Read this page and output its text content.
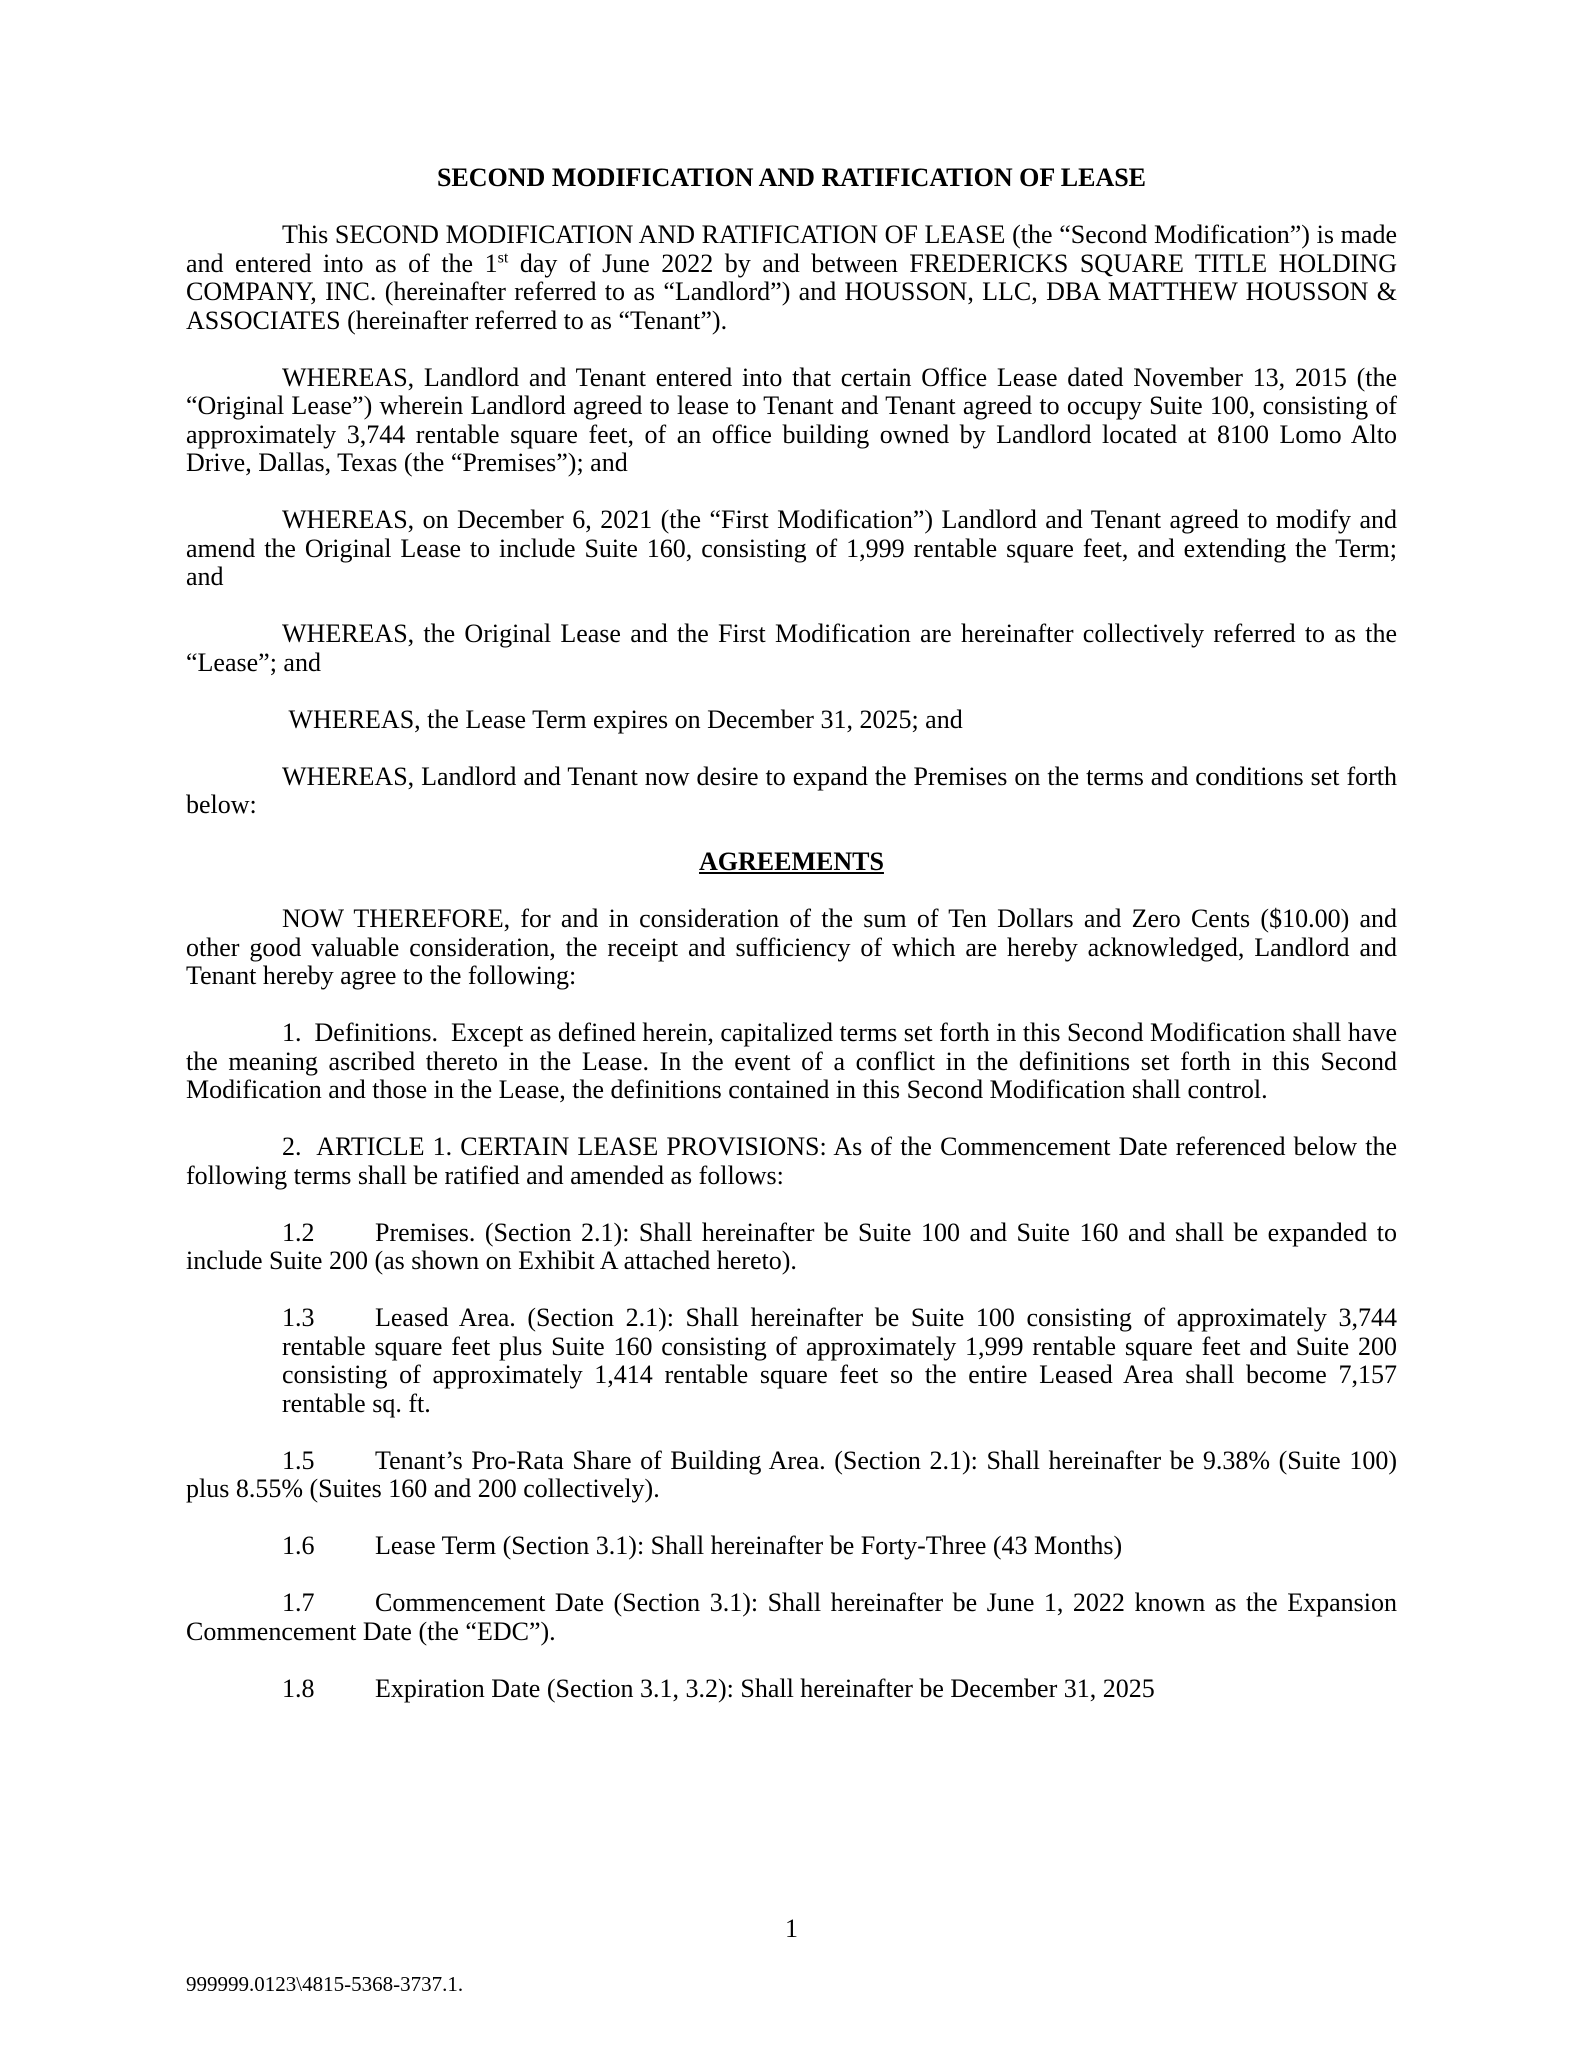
SECOND MODIFICATION AND RATIFICATION OF LEASE

This SECOND MODIFICATION AND RATIFICATION OF LEASE (the “Second Modification”) is made and entered into as of the 1st day of June 2022 by and between FREDERICKS SQUARE TITLE HOLDING COMPANY, INC. (hereinafter referred to as “Landlord”) and HOUSSON, LLC, DBA MATTHEW HOUSSON & ASSOCIATES (hereinafter referred to as “Tenant”).

WHEREAS, Landlord and Tenant entered into that certain Office Lease dated November 13, 2015 (the “Original Lease”) wherein Landlord agreed to lease to Tenant and Tenant agreed to occupy Suite 100, consisting of approximately 3,744 rentable square feet, of an office building owned by Landlord located at 8100 Lomo Alto Drive, Dallas, Texas (the “Premises”); and

WHEREAS, on December 6, 2021 (the “First Modification”) Landlord and Tenant agreed to modify and amend the Original Lease to include Suite 160, consisting of 1,999 rentable square feet, and extending the Term; and

WHEREAS, the Original Lease and the First Modification are hereinafter collectively referred to as the “Lease”; and

WHEREAS, the Lease Term expires on December 31, 2025; and

WHEREAS, Landlord and Tenant now desire to expand the Premises on the terms and conditions set forth below:

AGREEMENTS

NOW THEREFORE, for and in consideration of the sum of Ten Dollars and Zero Cents ($10.00) and other good valuable consideration, the receipt and sufficiency of which are hereby acknowledged, Landlord and Tenant hereby agree to the following:

1.  Definitions.  Except as defined herein, capitalized terms set forth in this Second Modification shall have the meaning ascribed thereto in the Lease. In the event of a conflict in the definitions set forth in this Second Modification and those in the Lease, the definitions contained in this Second Modification shall control.

2.  ARTICLE 1. CERTAIN LEASE PROVISIONS: As of the Commencement Date referenced below the following terms shall be ratified and amended as follows:

1.2 Premises. (Section 2.1): Shall hereinafter be Suite 100 and Suite 160 and shall be expanded to include Suite 200 (as shown on Exhibit A attached hereto).

1.3 Leased Area. (Section 2.1): Shall hereinafter be Suite 100 consisting of approximately 3,744 rentable square feet plus Suite 160 consisting of approximately 1,999 rentable square feet and Suite 200 consisting of approximately 1,414 rentable square feet so the entire Leased Area shall become 7,157 rentable sq. ft.

1.5 Tenant’s Pro-Rata Share of Building Area. (Section 2.1): Shall hereinafter be 9.38% (Suite 100) plus 8.55% (Suites 160 and 200 collectively).

1.6 Lease Term (Section 3.1): Shall hereinafter be Forty-Three (43 Months)

1.7 Commencement Date (Section 3.1): Shall hereinafter be June 1, 2022 known as the Expansion Commencement Date (the “EDC”).

1.8 Expiration Date (Section 3.1, 3.2): Shall hereinafter be December 31, 2025

1
999999.0123\4815-5368-3737.1.
